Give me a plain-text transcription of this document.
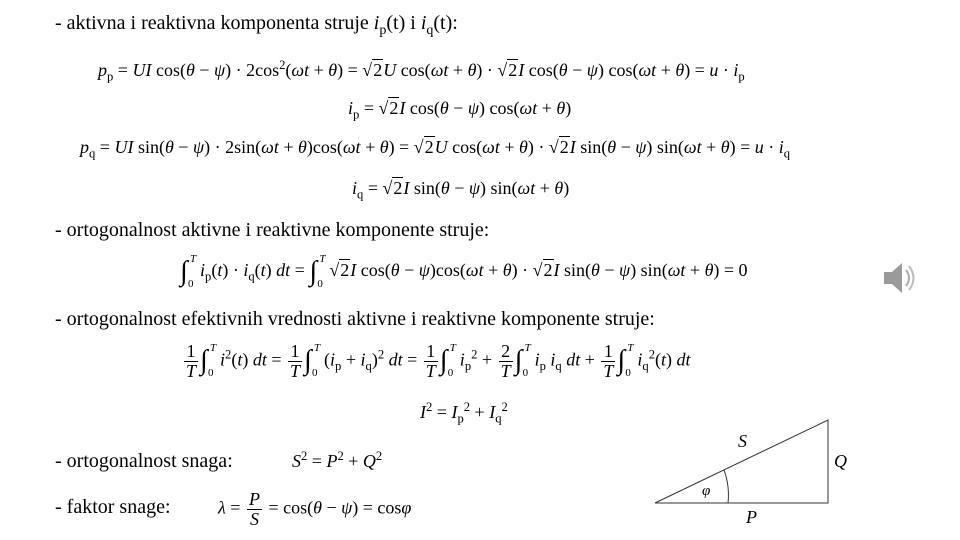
- aktivna i reaktivna komponenta struje $i_p(t)$ i $i_q(t)$:
$p_p$ = UI $\cos(\theta - \psi) \cdot 2\cos^2(\omega t + \theta) = √2U$ cos(ωt + θ) · √2I cos(θ − ψ) $\cos(\omega t + \theta) = u \cdot i_p$
$i_p = √2I$ cos(θ − ψ) cos(ωt + θ)
$p_q$ = UI sin(θ − ψ) · 2sin(ωt + θ)cos(ωt + θ) = √2U cos(ωt + θ) · √2I sin(θ − ψ) $\sin(\omega t + \theta) = u \cdot i_q$
$i_q = √2I$ sin(θ − ψ) sin(ωt + θ)
- ortogonalnost aktivne i reaktivne komponente struje:
∫ T
0
$i_p(t) \cdot i_q(t)$ dt = ∫ T
0
√2I cos(θ − ψ)cos(ωt + θ) · √2I sin(θ − ψ) sin(ωt + θ) = 0
- ortogonalnost efektivnih vrednosti aktivne i reaktivne komponente struje:
$\frac{1}{T}$ ∫ T
0
$i^2(t)$ dt = $\frac{1}{T}$ ∫ T
0
$(i_p + i_q)^2$ dt = $\frac{1}{T}$ ∫ T
0
$i_p^2 + \frac{2}{T}$ ∫ T
0
$i_p$ $i_q$ dt + $\frac{1}{T}$ ∫ T
0
$i_q^2(t)$ dt
$I^2 = I_p^2 + I_q^2$
- ortogonalnost snaga:	$S^2 = P^2 + Q^2$
- faktor snage:	$\lambda = \frac{P}{S} = \cos(\theta - \psi) = \cos\varphi$
S
Q
P
φ
